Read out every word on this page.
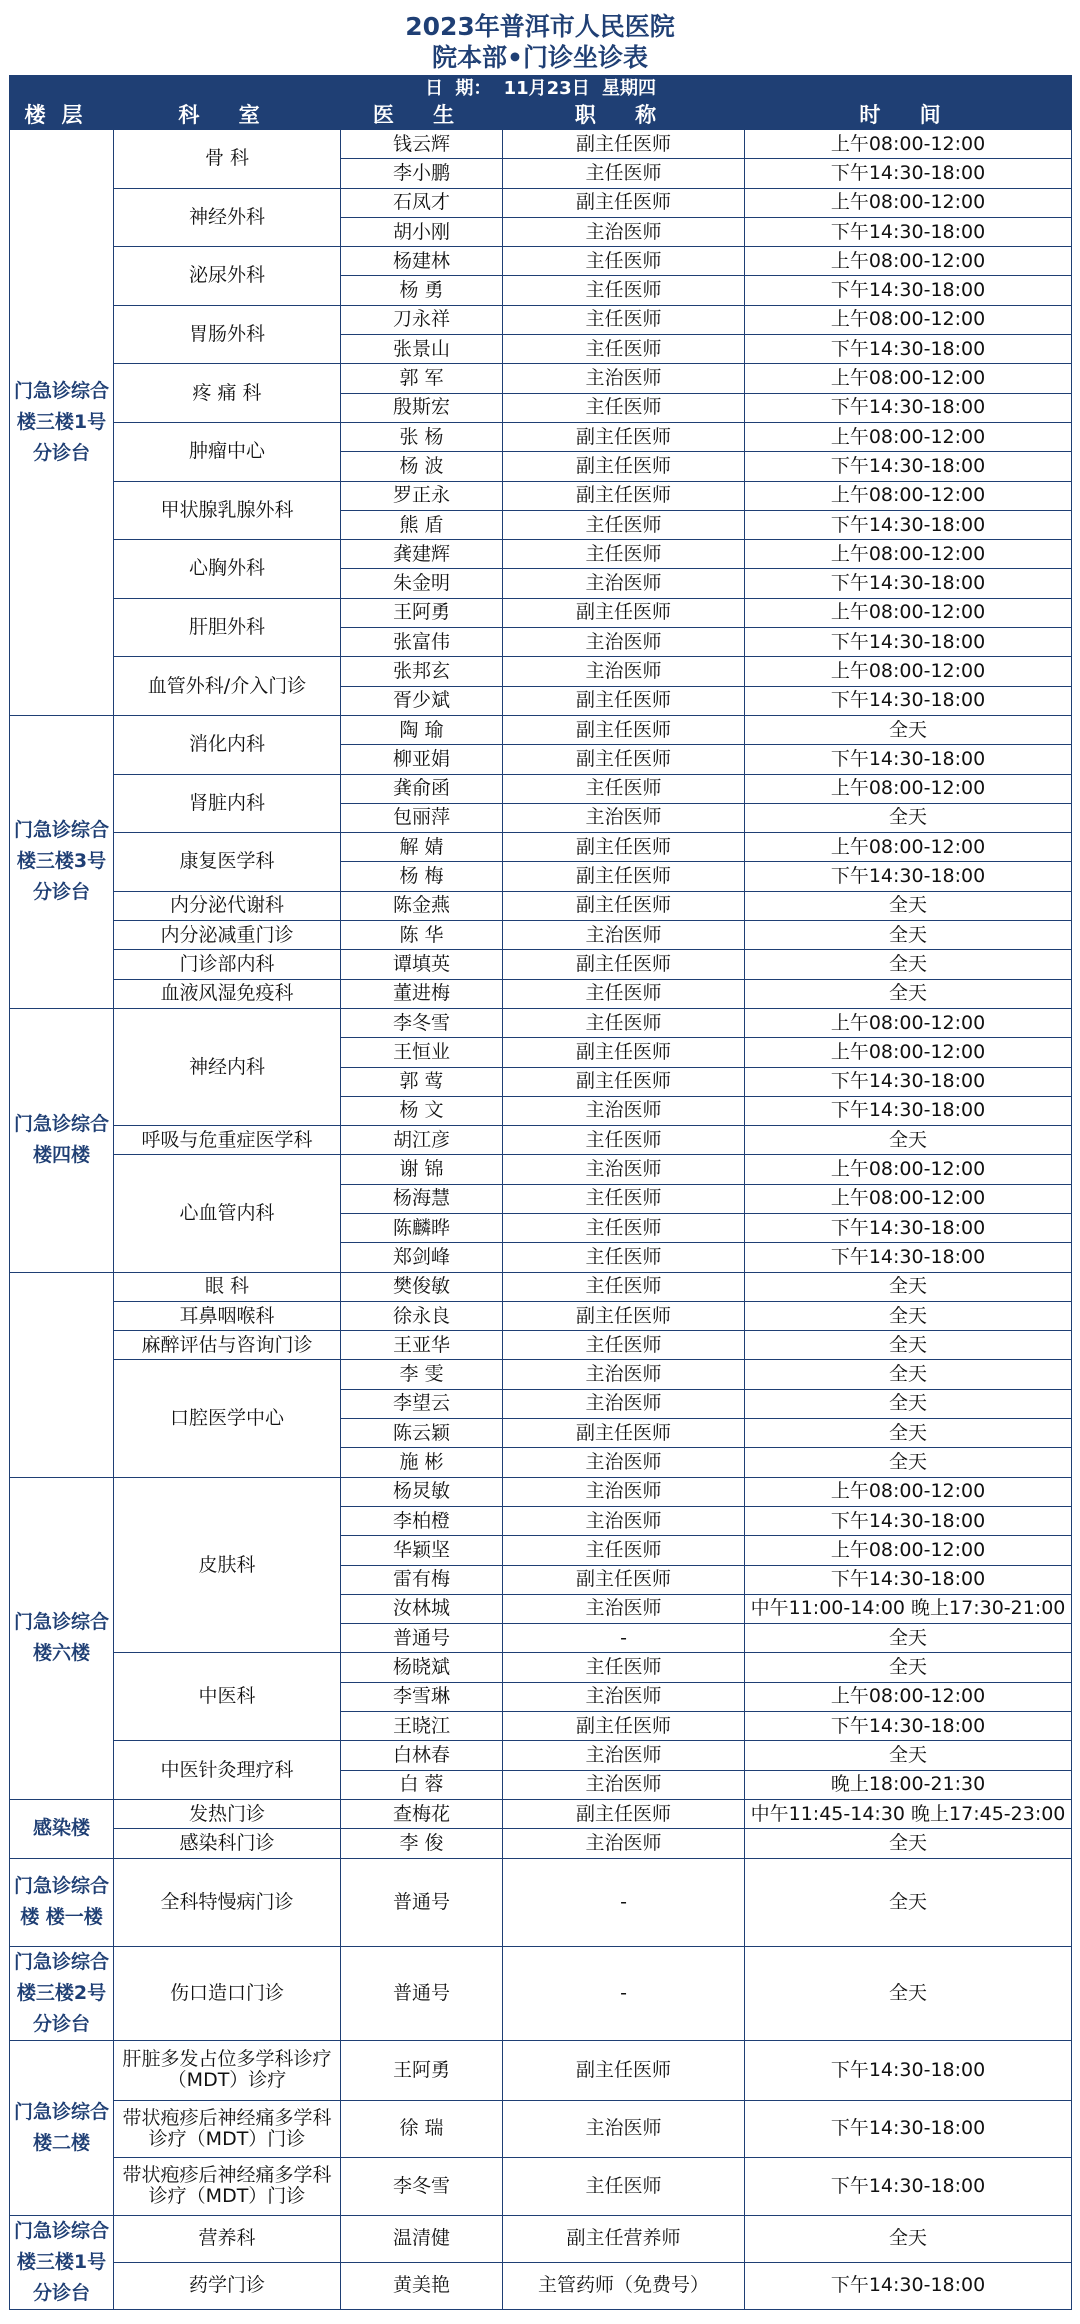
2023年普洱市人民医院
院本部•门诊坐诊表
日 期： 11月23日 星期四				
楼层	科 室	医 生	职 称	时 间
门急诊综合楼三楼1号分诊台	骨 科	钱云辉	副主任医师	上午08:00-12:00
		李小鹏	主任医师	下午14:30-18:00
	神经外科	石凤才	副主任医师	上午08:00-12:00
		胡小刚	主治医师	下午14:30-18:00
	泌尿外科	杨建林	主任医师	上午08:00-12:00
		杨 勇	主任医师	下午14:30-18:00
	胃肠外科	刀永祥	主任医师	上午08:00-12:00
		张景山	主任医师	下午14:30-18:00
	疼 痛 科	郭 军	主治医师	上午08:00-12:00
		殷斯宏	主任医师	下午14:30-18:00
	肿瘤中心	张 杨	副主任医师	上午08:00-12:00
		杨 波	副主任医师	下午14:30-18:00
	甲状腺乳腺外科	罗正永	副主任医师	上午08:00-12:00
		熊 盾	主任医师	下午14:30-18:00
	心胸外科	龚建辉	主任医师	上午08:00-12:00
		朱金明	主治医师	下午14:30-18:00
	肝胆外科	王阿勇	副主任医师	上午08:00-12:00
		张富伟	主治医师	下午14:30-18:00
	血管外科/介入门诊	张邦玄	主治医师	上午08:00-12:00
		胥少斌	副主任医师	下午14:30-18:00
门急诊综合楼三楼3号分诊台	消化内科	陶 瑜	副主任医师	全天
		柳亚娟	副主任医师	下午14:30-18:00
	肾脏内科	龚俞函	主任医师	上午08:00-12:00
		包丽萍	主治医师	全天
	康复医学科	解 婧	副主任医师	上午08:00-12:00
		杨 梅	副主任医师	下午14:30-18:00
	内分泌代谢科	陈金燕	副主任医师	全天
	内分泌减重门诊	陈 华	主治医师	全天
	门诊部内科	谭填英	副主任医师	全天
	血液风湿免疫科	董进梅	主任医师	全天
门急诊综合楼四楼	神经内科	李冬雪	主任医师	上午08:00-12:00
		王恒业	副主任医师	上午08:00-12:00
		郭 莺	副主任医师	下午14:30-18:00
		杨 文	主治医师	下午14:30-18:00
	呼吸与危重症医学科	胡江彦	主任医师	全天
	心血管内科	谢 锦	主治医师	上午08:00-12:00
		杨海慧	主任医师	上午08:00-12:00
		陈麟晔	主任医师	下午14:30-18:00
		郑剑峰	主任医师	下午14:30-18:00
	眼 科	樊俊敏	主任医师	全天
	耳鼻咽喉科	徐永良	副主任医师	全天
	麻醉评估与咨询门诊	王亚华	主任医师	全天
	口腔医学中心	李 雯	主治医师	全天
		李望云	主治医师	全天
		陈云颖	副主任医师	全天
		施 彬	主治医师	全天
门急诊综合楼六楼	皮肤科	杨炅敏	主治医师	上午08:00-12:00
		李柏橙	主治医师	下午14:30-18:00
		华颖坚	主任医师	上午08:00-12:00
		雷有梅	副主任医师	下午14:30-18:00
		汝林城	主治医师	中午11:00-14:00 晚上17:30-21:00
		普通号	-	全天
	中医科	杨晓斌	主任医师	全天
		李雪琳	主治医师	上午08:00-12:00
		王晓江	副主任医师	下午14:30-18:00
	中医针灸理疗科	白林春	主治医师	全天
		白 蓉	主治医师	晚上18:00-21:30
感染楼	发热门诊	查梅花	副主任医师	中午11:45-14:30 晚上17:45-23:00
	感染科门诊	李 俊	主治医师	全天
门急诊综合楼 楼一楼	全科特慢病门诊	普通号	-	全天
门急诊综合楼三楼2号分诊台	伤口造口门诊	普通号	-	全天
门急诊综合楼二楼	肝脏多发占位多学科诊疗（MDT）诊疗	王阿勇	副主任医师	下午14:30-18:00
	带状疱疹后神经痛多学科诊疗（MDT）门诊	徐 瑞	主治医师	下午14:30-18:00
	带状疱疹后神经痛多学科诊疗（MDT）门诊	李冬雪	主任医师	下午14:30-18:00
门急诊综合楼三楼1号分诊台	营养科	温清健	副主任营养师	全天
	药学门诊	黄美艳	主管药师（免费号）	下午14:30-18:00
